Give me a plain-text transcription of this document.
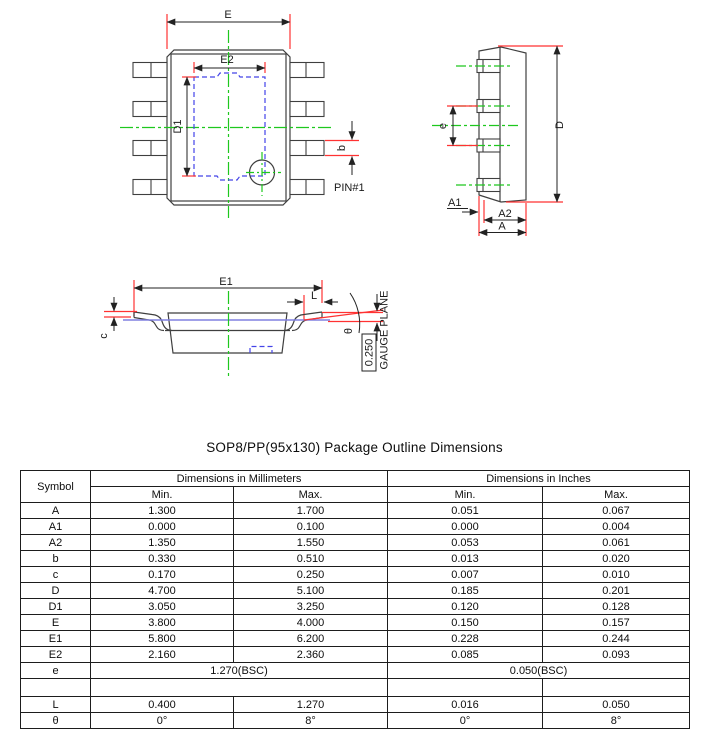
E
E2
D1
PIN#1
b
e	D
A1
A2
A
E1
L
c
θ
0.250 GAUGE PLANE
SOP8/PP(95x130) Package Outline Dimensions
Symbol	Dimensions in Millimeters		Dimensions in Inches	
	Min.	Max.	Min.	Max.
A	1.300	1.700	0.051	0.067
A1	0.000	0.100	0.000	0.004
A2	1.350	1.550	0.053	0.061
b	0.330	0.510	0.013	0.020
c	0.170	0.250	0.007	0.010
D	4.700	5.100	0.185	0.201
D1	3.050	3.250	0.120	0.128
E	3.800	4.000	0.150	0.157
E1	5.800	6.200	0.228	0.244
E2	2.160	2.360	0.085	0.093
e	1.270(BSC)		0.050(BSC)	

L	0.400	1.270	0.016	0.050
θ	0°	8°	0°	8°
